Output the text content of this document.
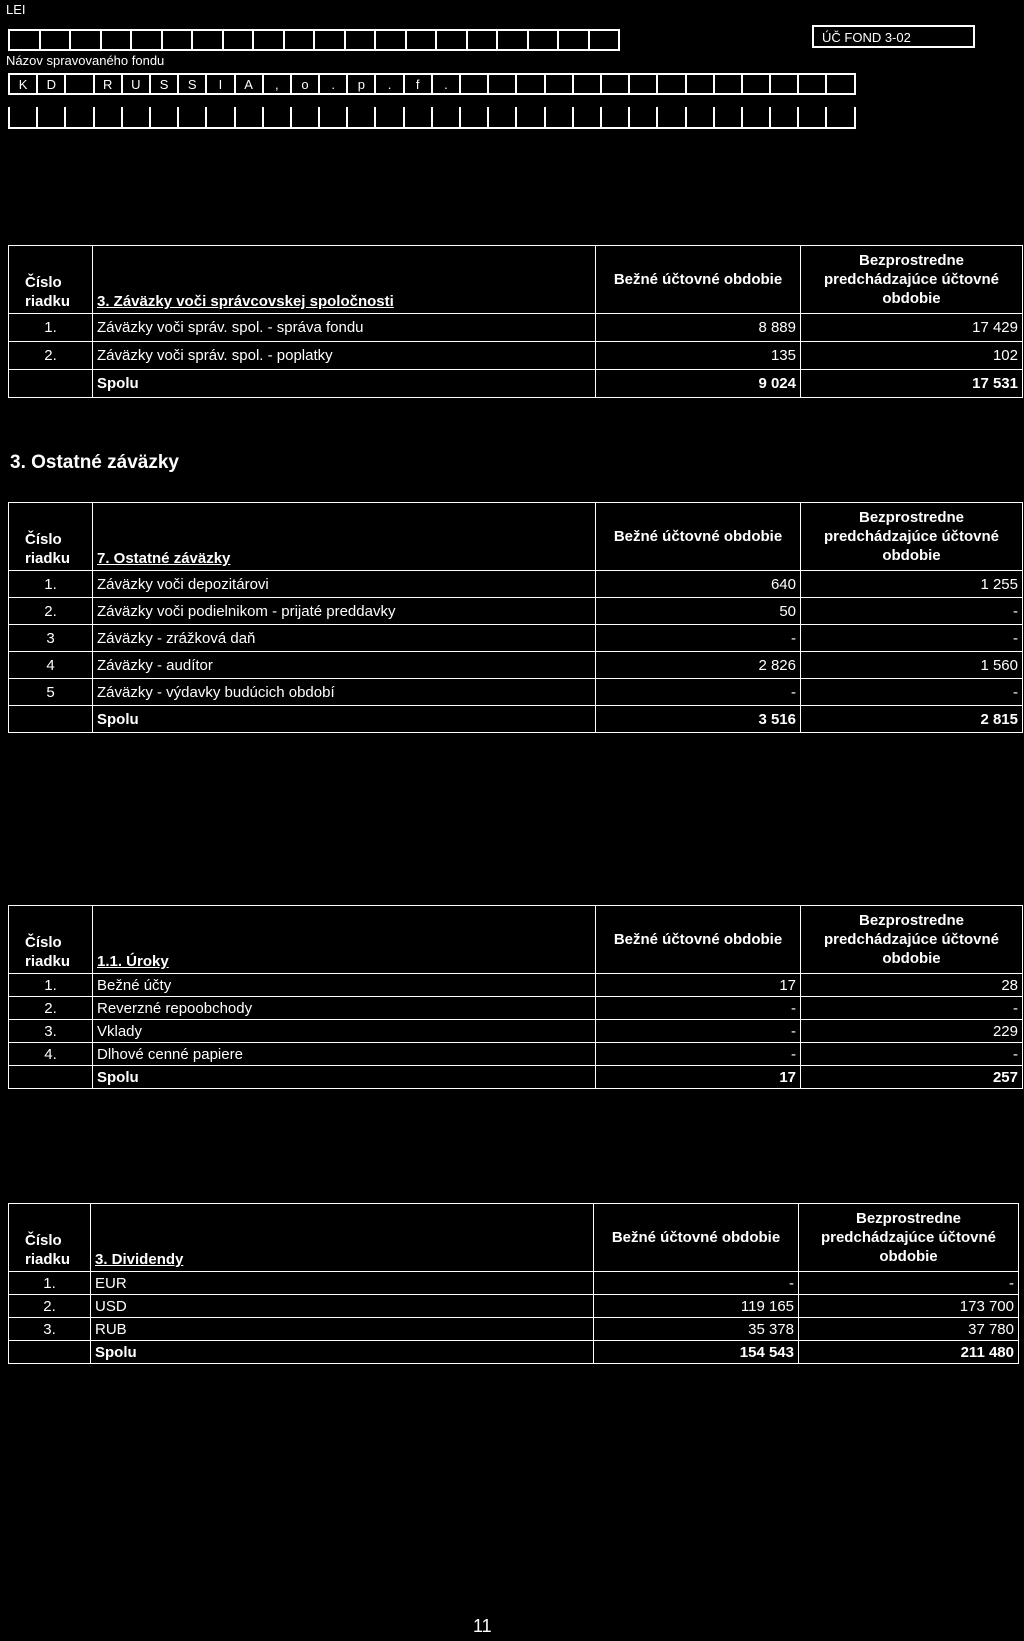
LEI
ÚČ FOND 3-02
Názov spravovaného fondu
K	D	R	U	S	S	I	A	,	o	.	p	.	f	.
Číslo
riadku	3. Záväzky voči správcovskej spoločnosti	Bežné účtovné obdobie	Bezprostredne
predchádzajúce účtovné
obdobie
1.	Záväzky voči správ. spol. - správa fondu	8 889	17 429
2.	Záväzky voči správ. spol. - poplatky	135	102
	Spolu	9 024	17 531
3. Ostatné záväzky
Číslo
riadku	7. Ostatné záväzky	Bežné účtovné obdobie	Bezprostredne
predchádzajúce účtovné
obdobie
1.	Záväzky voči depozitárovi	640	1 255
2.	Záväzky voči podielnikom - prijaté preddavky	50	-
3	Záväzky - zrážková daň	-	-
4	Záväzky - audítor	2 826	1 560
5	Záväzky - výdavky budúcich období	-	-
	Spolu	3 516	2 815
Číslo
riadku	1.1. Úroky	Bežné účtovné obdobie	Bezprostredne
predchádzajúce účtovné
obdobie
1.	Bežné účty	17	28
2.	Reverzné repoobchody	-	-
3.	Vklady	-	229
4.	Dlhové cenné papiere	-	-
	Spolu	17	257
Číslo
riadku	3. Dividendy	Bežné účtovné obdobie	Bezprostredne
predchádzajúce účtovné
obdobie
1.	EUR	-	-
2.	USD	119 165	173 700
3.	RUB	35 378	37 780
	Spolu	154 543	211 480
11
